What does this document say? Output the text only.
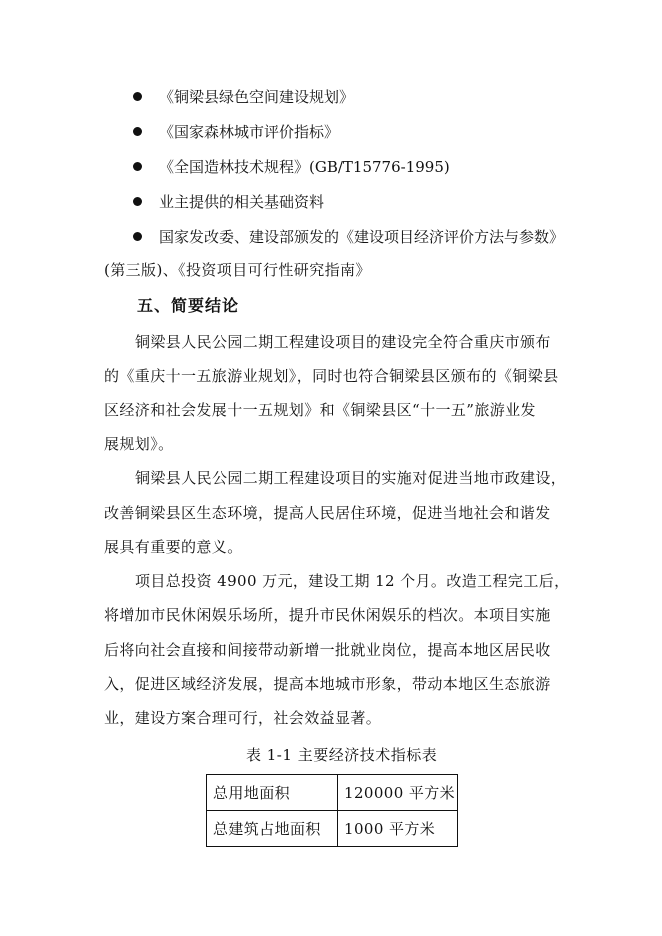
《铜梁县绿色空间建设规划》
《国家森林城市评价指标》
《全国造林技术规程》(GB/T15776-1995)
业主提供的相关基础资料
国家发改委、建设部颁发的《建设项目经济评价方法与参数》
(第三版)、《投资项目可行性研究指南》
五、简要结论
铜梁县人民公园二期工程建设项目的建设完全符合重庆市颁布
的《重庆十一五旅游业规划》，同时也符合铜梁县区颁布的《铜梁县
区经济和社会发展十一五规划》和《铜梁县区“十一五”旅游业发
展规划》。
铜梁县人民公园二期工程建设项目的实施对促进当地市政建设，
改善铜梁县区生态环境，提高人民居住环境，促进当地社会和谐发
展具有重要的意义。
项目总投资 4900 万元，建设工期 12 个月。改造工程完工后，
将增加市民休闲娱乐场所，提升市民休闲娱乐的档次。本项目实施
后将向社会直接和间接带动新增一批就业岗位，提高本地区居民收
入，促进区域经济发展，提高本地城市形象，带动本地区生态旅游
业，建设方案合理可行，社会效益显著。
表 1-1 主要经济技术指标表
总用地面积	120000 平方米
总建筑占地面积	1000 平方米
